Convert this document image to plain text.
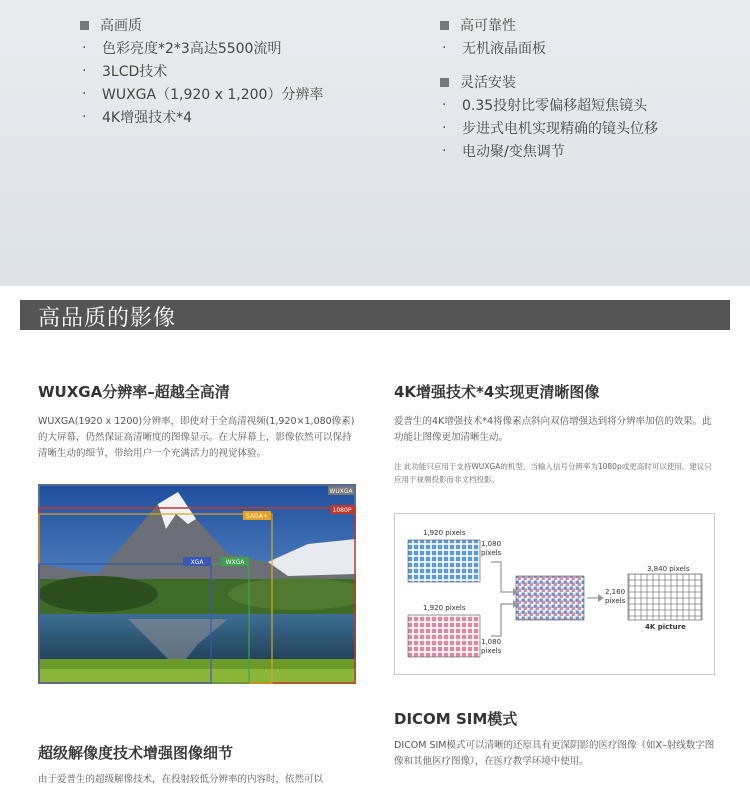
高画质
·	色彩亮度*2*3高达5500流明
·	3LCD技术
·	WUXGA（1,920 x 1,200）分辨率
·	4K增强技术*4
高可靠性
·	无机液晶面板
灵活安装
·	0.35投射比零偏移超短焦镜头
·	步进式电机实现精确的镜头位移
·	电动聚/变焦调节
高品质的影像
WUXGA分辨率–超越全高清
WUXGA(1920 x 1200)分辨率，即使对于全高清视频(1,920×1,080像素)的大屏幕，仍然保证高清晰度的图像显示。在大屏幕上，影像依然可以保持清晰生动的细节，带给用户一个充满活力的视觉体验。
WUXGA
1080P
SXGA+
XGA	WXGA
4K增强技术*4实现更清晰图像
爱普生的4K增强技术*4将像素点斜向双倍增强达到将分辨率加倍的效果。此功能让图像更加清晰生动。
注 此功能只应用于支持WUXGA的机型，当输入信号分辨率为1080p或更高时可以使用。建议只应用于视频投影而非文档投影。
1,920 pixels
1,080 pixels
1,920 pixels
1,080 pixels
3,840 pixels
2,160 pixels
4K picture
DICOM SIM模式
DICOM SIM模式可以清晰的还原具有更深阴影的医疗图像（如X–射线数字图像和其他医疗图像），在医疗教学环境中使用。
超级解像度技术增强图像细节
由于爱普生的超级解像技术，在投射较低分辨率的内容时，依然可以
